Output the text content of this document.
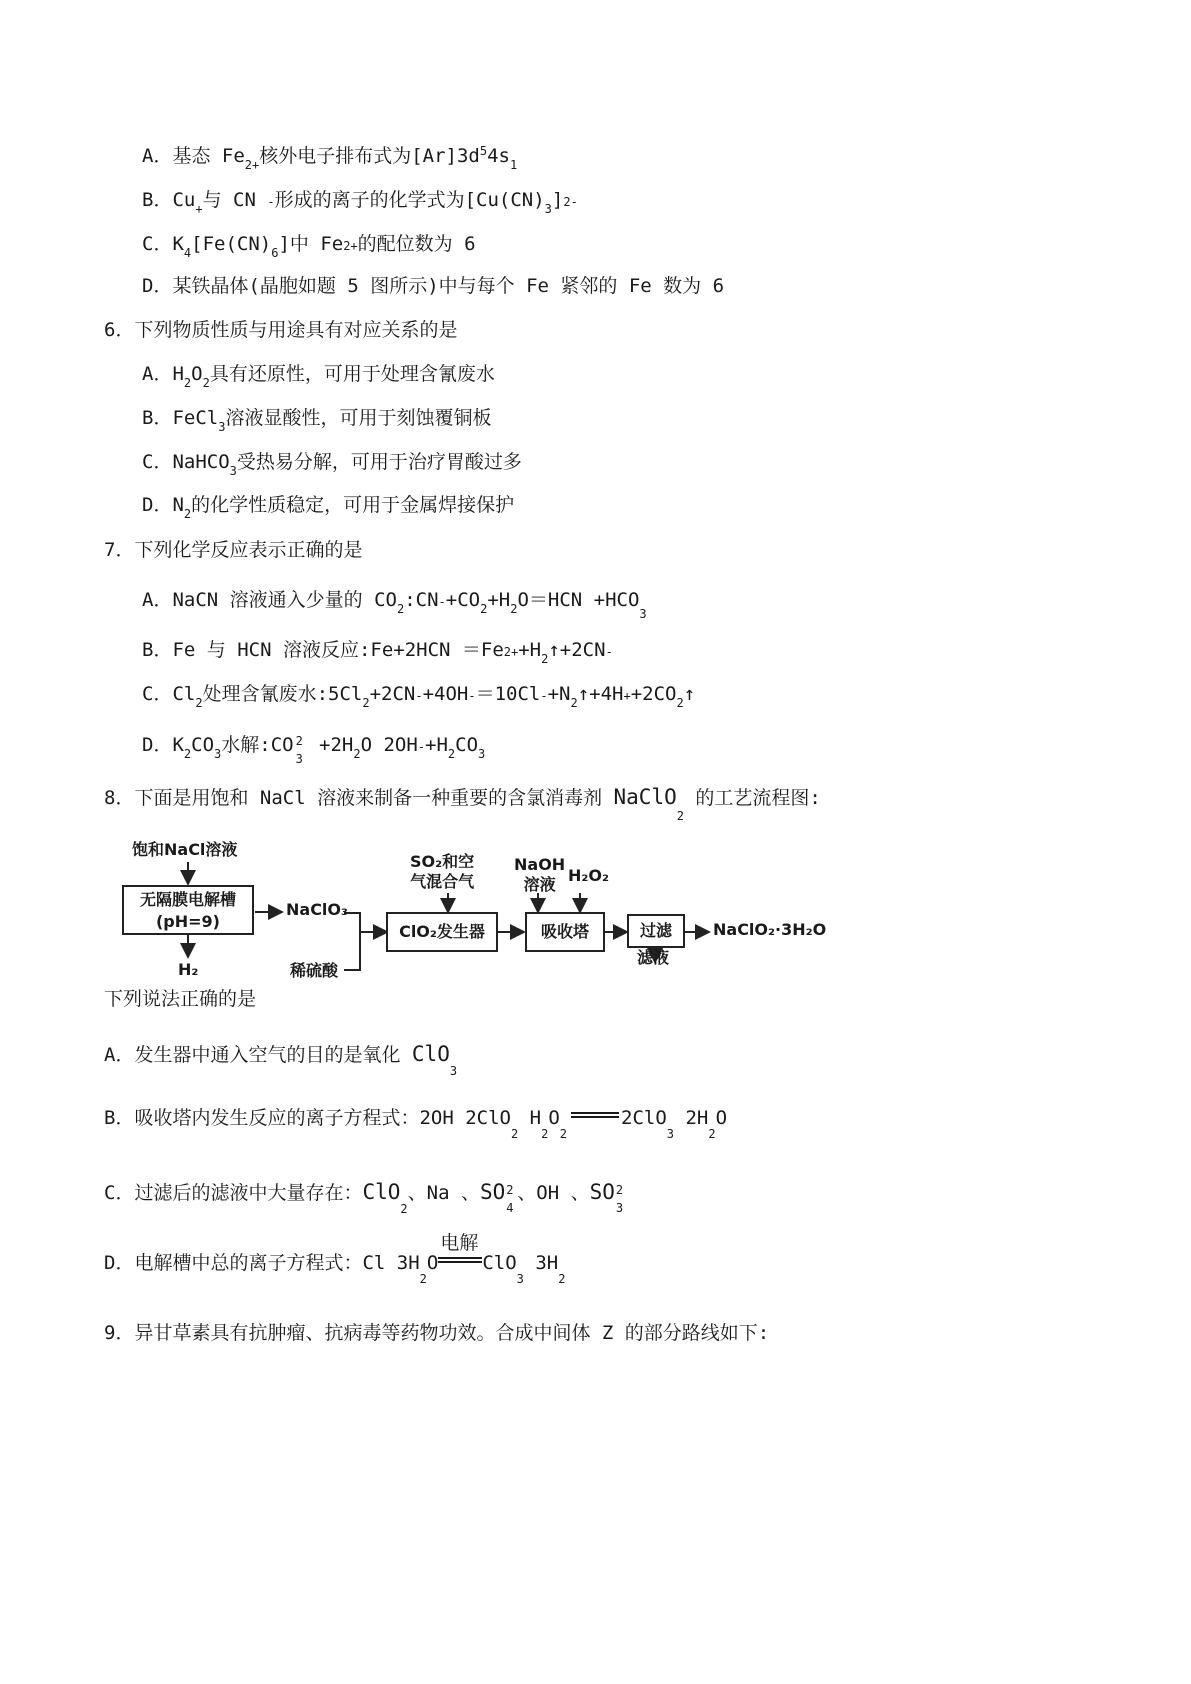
A．基态 $Fe_{2+}$核外电子排布式为$[Ar]3d^54s_1$
B．$Cu_+$与 CN -形成的离子的化学式为$[Cu(CN)_3]2-$
C．$K_4[Fe(CN)_6]$中 Fe2+的配位数为 6
D．某铁晶体(晶胞如题 5 图所示)中与每个 Fe 紧邻的 Fe 数为 6
6．下列物质性质与用途具有对应关系的是
A．$H_2O_2$具有还原性，可用于处理含氰废水
B．FeCl$_3$溶液显酸性，可用于刻蚀覆铜板
C．NaHCO$_3$受热易分解，可用于治疗胃酸过多
D．$N_2$的化学性质稳定，可用于金属焊接保护
7．下列化学反应表示正确的是
A．NaCN 溶液通入少量的 $CO_2:CN-+CO_2+H_2O=HCN +HCO_3$
B．Fe 与 HCN 溶液反应:Fe+2HCN $=Fe2++H_2↑+2CN-$
C．$Cl_2$处理含氰废水$:5Cl_2+2CN-+4OH-=10Cl-+N_2↑+4H++2CO_2↑$
D．$K_2CO_3$水解:CO 2
3
$+2H_2O$ $2OH-+H_2CO_3$
8．下面是用饱和 NaCl 溶液来制备一种重要的含氯消毒剂 NaClO$_2$ 的工艺流程图:
饱和NaCl溶液
无隔膜电解槽
(pH=9)
H₂
NaClO₃
稀硫酸
SO₂和空
气混合气
ClO₂发生器
NaOH
溶液 H₂O₂
吸收塔	过滤
滤液
NaClO₂·3H₂O
下列说法正确的是
A．发生器中通入空气的目的是氧化 ClO$_3$
B．吸收塔内发生反应的离子方程式：2OH 2ClO$_2$ $H_2O_2$
2ClO$_3$ $2H_2O$
C．过滤后的滤液中大量存在：ClO$_2$、Na 、SO 2
4
、OH 、SO 2
3
D．电解槽中总的离子方程式：Cl $3H_2O$
电解
ClO$_3$ $3H_2$
9．异甘草素具有抗肿瘤、抗病毒等药物功效。合成中间体 Z 的部分路线如下:
